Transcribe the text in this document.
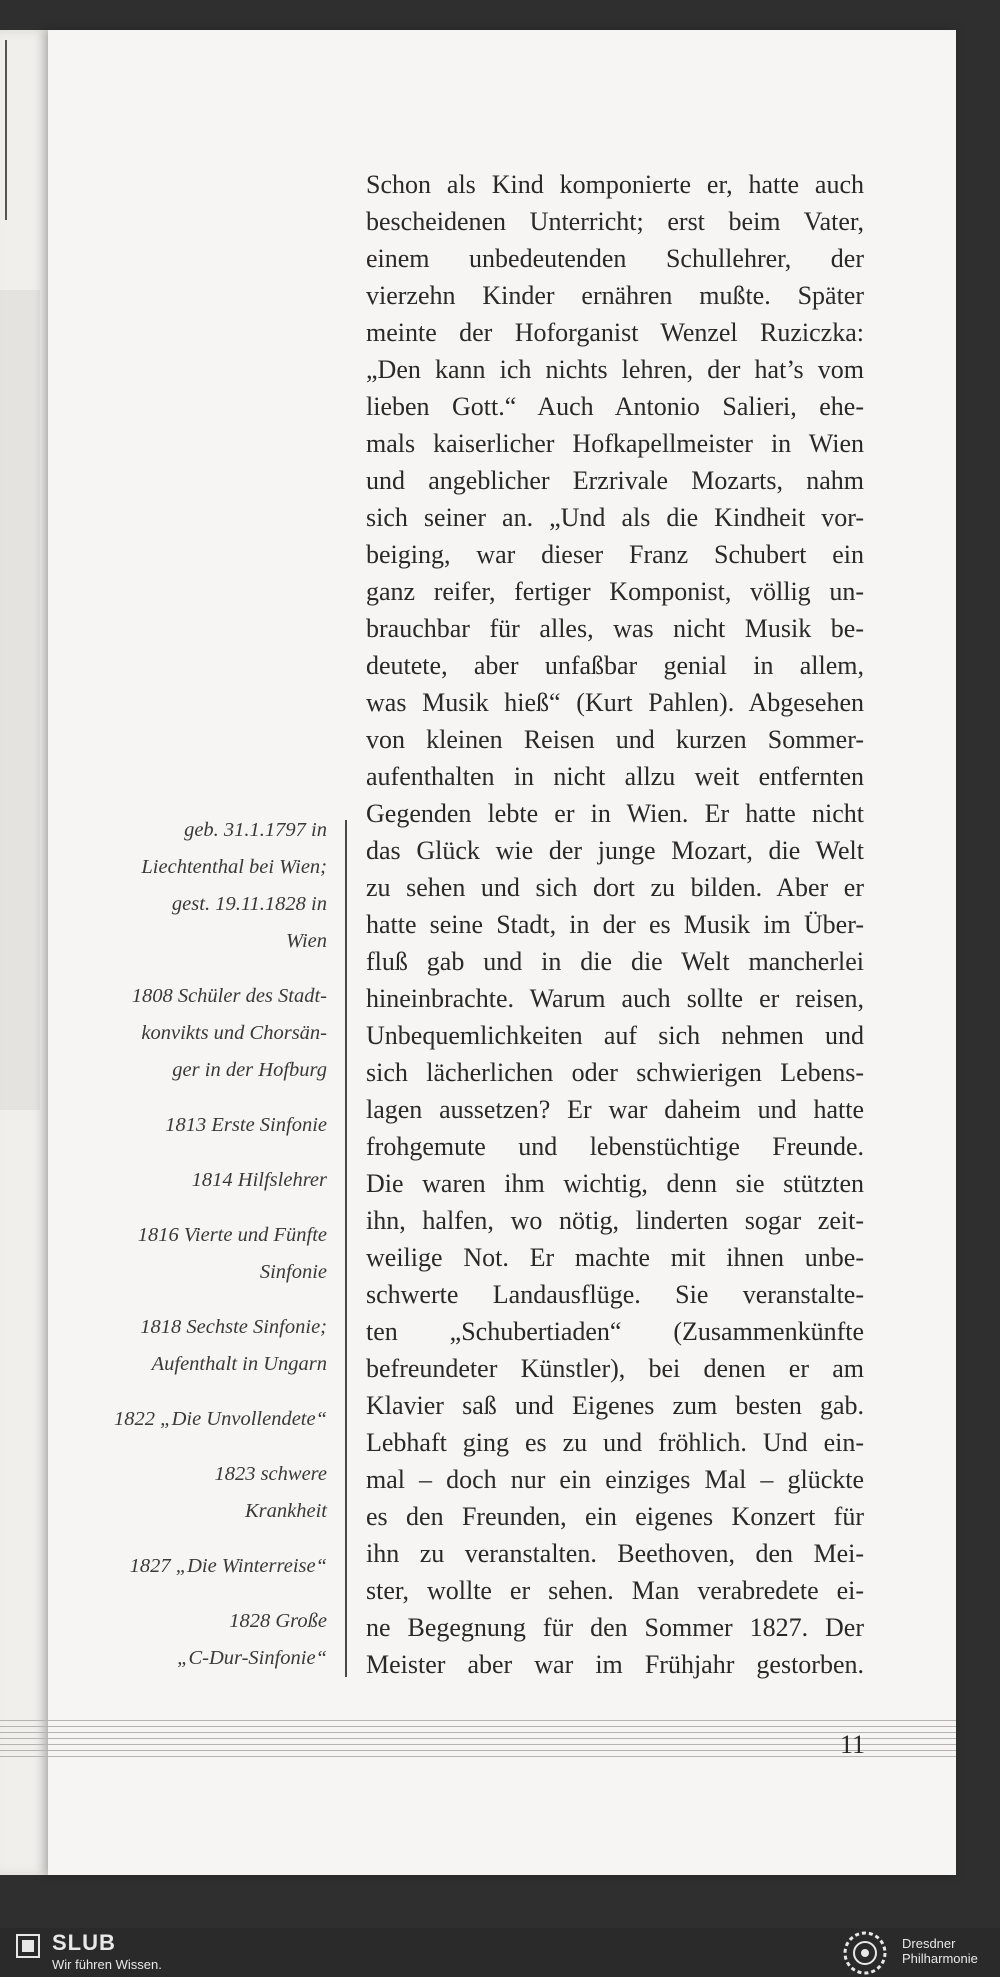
geb. 31.1.1797 in
Liechtenthal bei Wien;
gest. 19.11.1828 in
Wien
1808 Schüler des Stadt-
konvikts und Chorsän-
ger in der Hofburg
1813 Erste Sinfonie
1814 Hilfslehrer
1816 Vierte und Fünfte
Sinfonie
1818 Sechste Sinfonie;
Aufenthalt in Ungarn
1822 „Die Unvollendete“
1823 schwere
Krankheit
1827 „Die Winterreise“
1828 Große
„C-Dur-Sinfonie“
Schon als Kind komponierte er, hatte auch
bescheidenen Unterricht; erst beim Vater,
einem unbedeutenden Schullehrer, der
vierzehn Kinder ernähren mußte. Später
meinte der Hoforganist Wenzel Ruziczka:
„Den kann ich nichts lehren, der hat’s vom
lieben Gott.“ Auch Antonio Salieri, ehe-
mals kaiserlicher Hofkapellmeister in Wien
und angeblicher Erzrivale Mozarts, nahm
sich seiner an. „Und als die Kindheit vor-
beiging, war dieser Franz Schubert ein
ganz reifer, fertiger Komponist, völlig un-
brauchbar für alles, was nicht Musik be-
deutete, aber unfaßbar genial in allem,
was Musik hieß“ (Kurt Pahlen). Abgesehen
von kleinen Reisen und kurzen Sommer-
aufenthalten in nicht allzu weit entfernten
Gegenden lebte er in Wien. Er hatte nicht
das Glück wie der junge Mozart, die Welt
zu sehen und sich dort zu bilden. Aber er
hatte seine Stadt, in der es Musik im Über-
fluß gab und in die die Welt mancherlei
hineinbrachte. Warum auch sollte er reisen,
Unbequemlichkeiten auf sich nehmen und
sich lächerlichen oder schwierigen Lebens-
lagen aussetzen? Er war daheim und hatte
frohgemute und lebenstüchtige Freunde.
Die waren ihm wichtig, denn sie stützten
ihn, halfen, wo nötig, linderten sogar zeit-
weilige Not. Er machte mit ihnen unbe-
schwerte Landausflüge. Sie veranstalte-
ten „Schubertiaden“ (Zusammenkünfte
befreundeter Künstler), bei denen er am
Klavier saß und Eigenes zum besten gab.
Lebhaft ging es zu und fröhlich. Und ein-
mal – doch nur ein einziges Mal – glückte
es den Freunden, ein eigenes Konzert für
ihn zu veranstalten. Beethoven, den Mei-
ster, wollte er sehen. Man verabredete ei-
ne Begegnung für den Sommer 1827. Der
Meister aber war im Frühjahr gestorben.
11
SLUB
Wir führen Wissen.
Dresdner
Philharmonie
